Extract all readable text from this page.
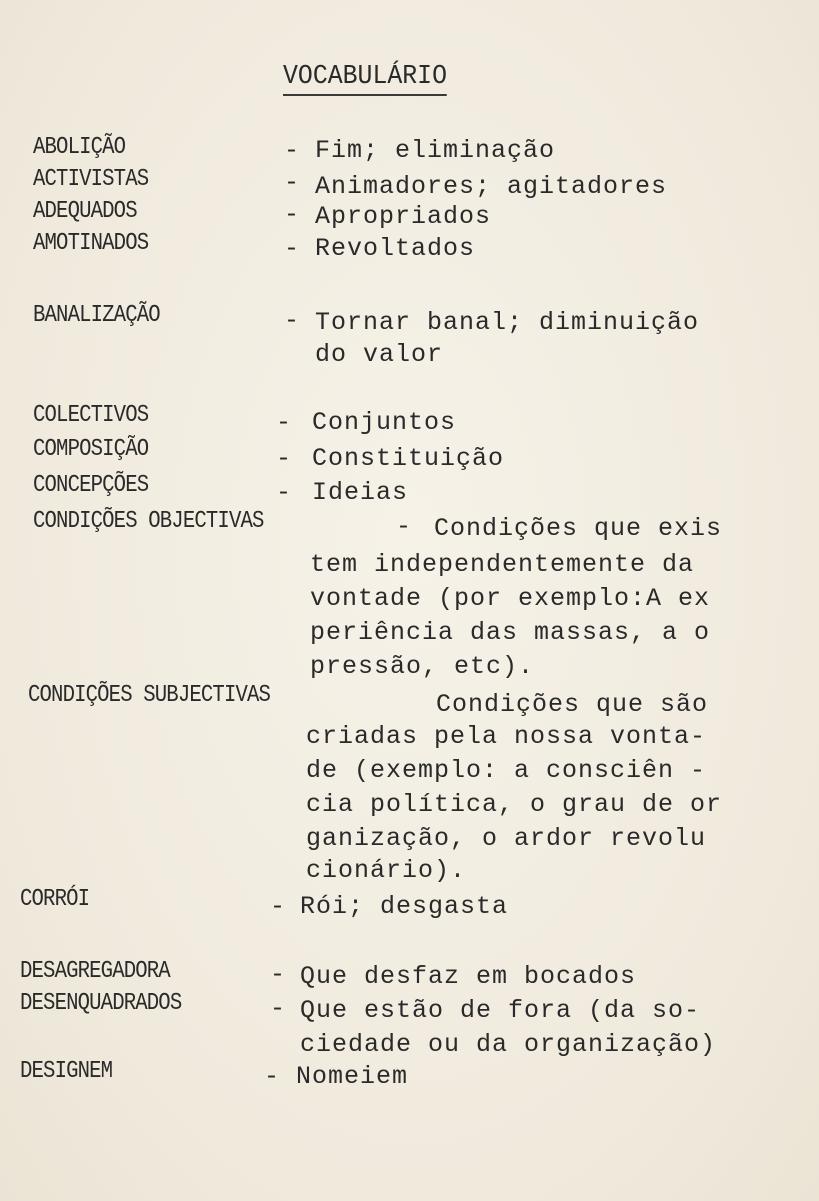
VOCABULÁRIO
ABOLIÇÃO	- Fim; eliminação
ACTIVISTAS	- Animadores; agitadores
ADEQUADOS	- Apropriados
AMOTINADOS	- Revoltados
BANALIZAÇÃO	- Tornar banal; diminuição
do valor
COLECTIVOS	- Conjuntos
COMPOSIÇÃO	- Constituição
CONCEPÇÕES	- Ideias
CONDIÇÕES OBJECTIVAS	- Condições que exis
tem independentemente da
vontade (por exemplo:A ex
periência das massas, a o
pressão, etc).
CONDIÇÕES SUBJECTIVAS	Condições que são
criadas pela nossa vonta-
de (exemplo: a consciên -
cia política, o grau de or
ganização, o ardor revolu
cionário).
CORRÓI	- Rói; desgasta
DESAGREGADORA	- Que desfaz em bocados
DESENQUADRADOS	- Que estão de fora (da so-
ciedade ou da organização)
DESIGNEM	- Nomeiem
